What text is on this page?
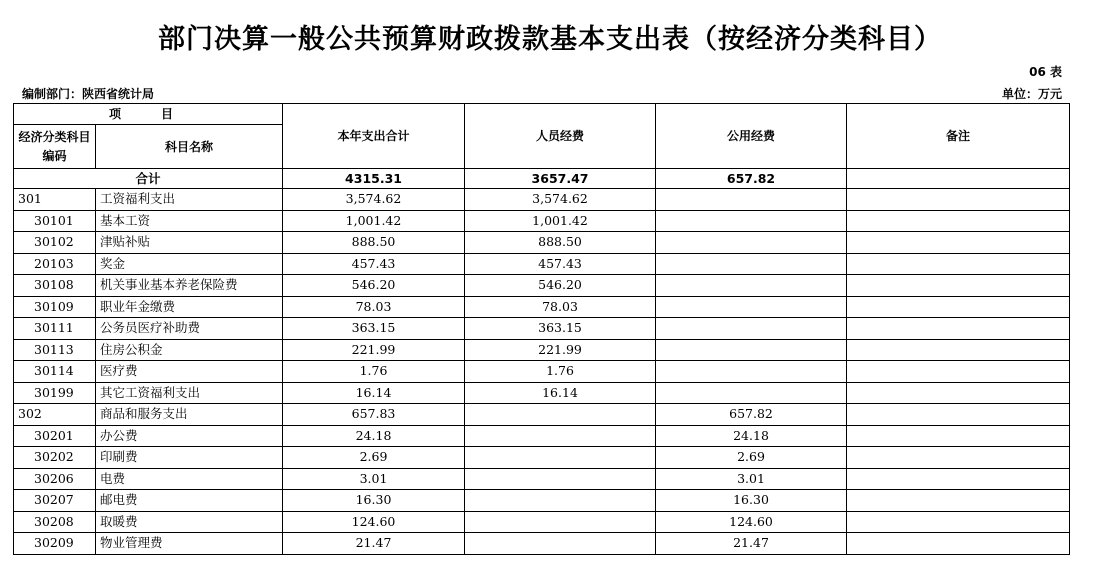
部门决算一般公共预算财政拨款基本支出表（按经济分类科目）
06 表
编制部门：陕西省统计局	单位：万元
项　目		本年支出合计	人员经费	公用经费	备注
经济分类科目编码	科目名称				
合计		4315.31	3657.47	657.82	
301	工资福利支出	3,574.62	3,574.62		
30101	基本工资	1,001.42	1,001.42		
30102	津贴补贴	888.50	888.50		
20103	奖金	457.43	457.43		
30108	机关事业基本养老保险费	546.20	546.20		
30109	职业年金缴费	78.03	78.03		
30111	公务员医疗补助费	363.15	363.15		
30113	住房公积金	221.99	221.99		
30114	医疗费	1.76	1.76		
30199	其它工资福利支出	16.14	16.14		
302	商品和服务支出	657.83		657.82	
30201	办公费	24.18		24.18	
30202	印刷费	2.69		2.69	
30206	电费	3.01		3.01	
30207	邮电费	16.30		16.30	
30208	取暖费	124.60		124.60	
30209	物业管理费	21.47		21.47	
